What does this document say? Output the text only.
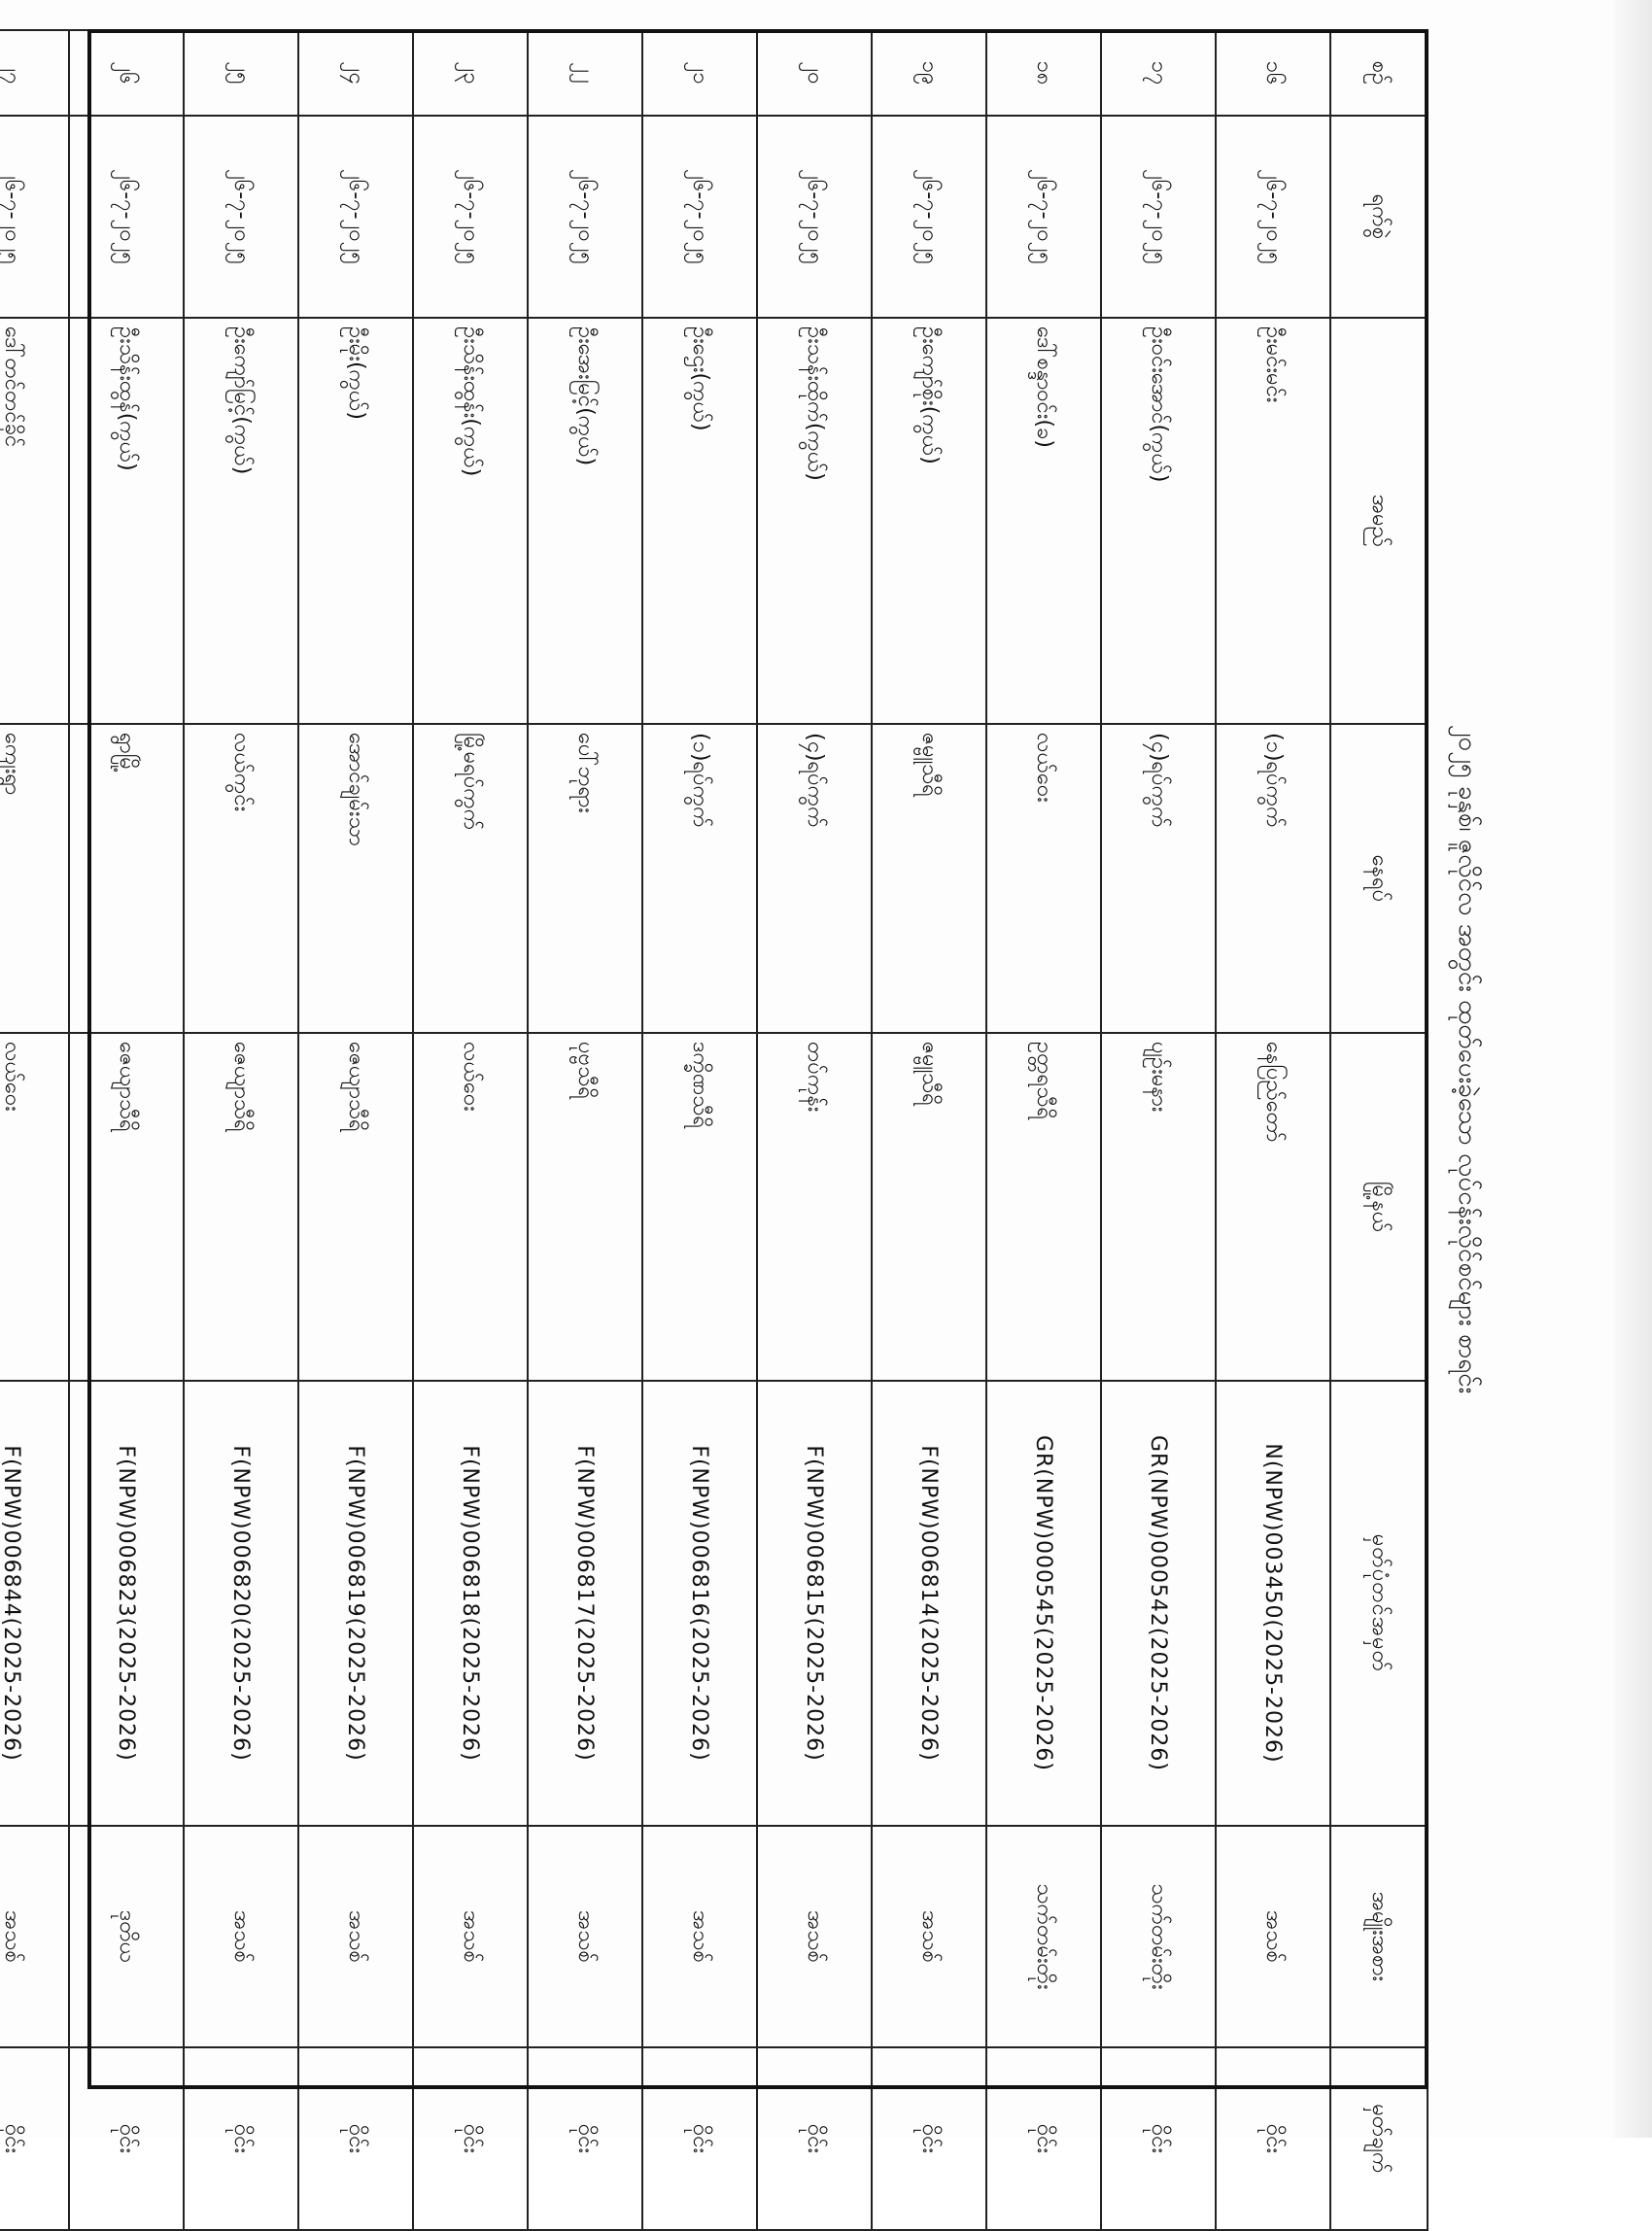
၂၀၂၅ ခုနှစ်၊ ဇူလိုင်လ အတွင်း ထုတ်ပေးခဲ့သော လုပ်ငန်းလိုင်စင်များ စာရင်း
စဉ်	ရက်စွဲ	အမည်	နေရပ်	မြို့နယ်	မှတ်ပုံတင်အမှတ်	အမျိုးအစား	မှတ်ချက်
၁၆	၂၆-၇-၂၀၂၅	ဦးမင်းမင်း	(၁)ရပ်ကွက်	နေပြည်တော်	N(NPW)003450(2025-2026)	အသစ်	ဝိုင်း
၁၇	၂၆-၇-၂၀၂၅	ဦးဝင်းအောင်(ကွယ်)	(၄)ရပ်ကွက်	ပျဉ်းမနား	GR(NPW)000542(2025-2026)	သက်တမ်းတိုး	ဝိုင်း
၁၈	၂၆-၇-၂၀၂၅	ဒေါ်စန္ဒာဝင်း(ခ)	လယ်ဝေး	ဥတ္တရသီရိ	GR(NPW)000545(2025-2026)	သက်တမ်းတိုး	ဝိုင်း
၁၉	၂၆-၇-၂၀၂၅	ဦးကျော်စိုး(ကွယ်)	ဇမ္ဗူသီရိ	ဇမ္ဗူသီရိ	F(NPW)006814(2025-2026)	အသစ်	ဝိုင်း
၂၀	၂၆-၇-၂၀၂၅	ဦးသန်းထိုက်(ကွယ်)	(၄)ရပ်ကွက်	တပ်ကုန်း	F(NPW)006815(2025-2026)	အသစ်	ဝိုင်း
၂၁	၂၆-၇-၂၀၂၅	ဦးဌေး(ကွယ်)	(၁)ရပ်ကွက်	ဒက္ခိဏသီရိ	F(NPW)006816(2025-2026)	အသစ်	ဝိုင်း
၂၂	၂၆-၇-၂၀၂၅	ဦးအေးမြင့်(ကွယ်)	ပေါ်ဘုရား	ပုဗ္ဗသီရိ	F(NPW)006817(2025-2026)	အသစ်	ဝိုင်း
၂၃	၂၆-၇-၂၀၂၅	ဦးသိန်းထွန်း(ကွယ်)	မြို့မရပ်ကွက်	လယ်ဝေး	F(NPW)006818(2025-2026)	အသစ်	ဝိုင်း
၂၄	၂၆-၇-၂၀၂၅	ဦးမိုး(ကွယ်)	အောင်ချမ်းသာ	ဇေယျာသီရိ	F(NPW)006819(2025-2026)	အသစ်	ဝိုင်း
၂၅	၂၆-၇-၂၀၂၅	ဦးကျော်မြင့်(ကွယ်)	လယ်ကွင်း	ဇေယျာသီရိ	F(NPW)006820(2025-2026)	အသစ်	ဝိုင်း
၂၆	၂၆-၇-၂၀၂၅	ဦးသိန်းထွန်(ကွယ်)	ရွာမြို့	ဇေယျာသီရိ	F(NPW)006823(2025-2026)	ဒုတိယ	ဝိုင်း
၂၇	၂၆-၇-၂၀၂၅	ဒေါ်တင်တင်ခိုင်	ကျေးရွာ	လယ်ဝေး	F(NPW)006844(2025-2026)	အသစ်	ဝိုင်း
